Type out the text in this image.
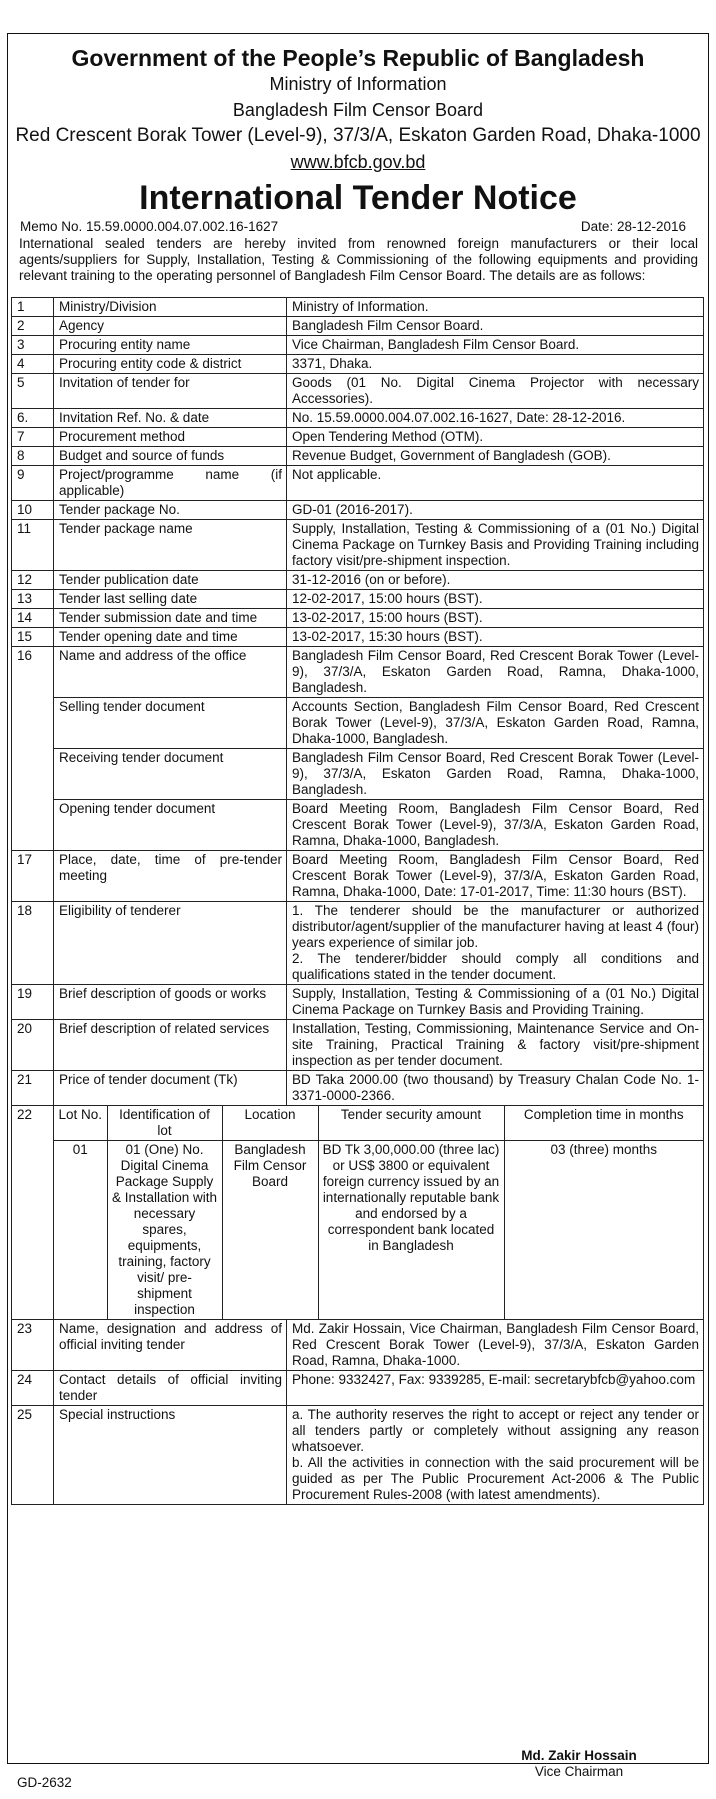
Government of the People’s Republic of Bangladesh
Ministry of Information
Bangladesh Film Censor Board
Red Crescent Borak Tower (Level-9), 37/3/A, Eskaton Garden Road, Dhaka-1000
www.bfcb.gov.bd
International Tender Notice
Memo No. 15.59.0000.004.07.002.16-1627	Date: 28-12-2016
International sealed tenders are hereby invited from renowned foreign manufacturers or their local agents/suppliers for Supply, Installation, Testing & Commissioning of the following equipments and providing relevant training to the operating personnel of Bangladesh Film Censor Board. The details are as follows:
1	Ministry/Division	Ministry of Information.
2	Agency	Bangladesh Film Censor Board.
3	Procuring entity name	Vice Chairman, Bangladesh Film Censor Board.
4	Procuring entity code & district	3371, Dhaka.
5	Invitation of tender for	Goods (01 No. Digital Cinema Projector with necessary Accessories).
6.	Invitation Ref. No. & date	No. 15.59.0000.004.07.002.16-1627, Date: 28-12-2016.
7	Procurement method	Open Tendering Method (OTM).
8	Budget and source of funds	Revenue Budget, Government of Bangladesh (GOB).
9	Project/programme name (if applicable)	Not applicable.
10	Tender package No.	GD-01 (2016-2017).
11	Tender package name	Supply, Installation, Testing & Commissioning of a (01 No.) Digital Cinema Package on Turnkey Basis and Providing Training including factory visit/pre-shipment inspection.
12	Tender publication date	31-12-2016 (on or before).
13	Tender last selling date	12-02-2017, 15:00 hours (BST).
14	Tender submission date and time	13-02-2017, 15:00 hours (BST).
15	Tender opening date and time	13-02-2017, 15:30 hours (BST).
16	Name and address of the office	Bangladesh Film Censor Board, Red Crescent Borak Tower (Level-9), 37/3/A, Eskaton Garden Road, Ramna, Dhaka-1000, Bangladesh.
Selling tender document	Accounts Section, Bangladesh Film Censor Board, Red Crescent Borak Tower (Level-9), 37/3/A, Eskaton Garden Road, Ramna, Dhaka-1000, Bangladesh.
Receiving tender document	Bangladesh Film Censor Board, Red Crescent Borak Tower (Level-9), 37/3/A, Eskaton Garden Road, Ramna, Dhaka-1000, Bangladesh.
Opening tender document	Board Meeting Room, Bangladesh Film Censor Board, Red Crescent Borak Tower (Level-9), 37/3/A, Eskaton Garden Road, Ramna, Dhaka-1000, Bangladesh.
17	Place, date, time of pre-tender meeting	Board Meeting Room, Bangladesh Film Censor Board, Red Crescent Borak Tower (Level-9), 37/3/A, Eskaton Garden Road, Ramna, Dhaka-1000, Date: 17-01-2017, Time: 11:30 hours (BST).
18	Eligibility of tenderer	1. The tenderer should be the manufacturer or authorized distributor/agent/supplier of the manufacturer having at least 4 (four) years experience of similar job.
2. The tenderer/bidder should comply all conditions and qualifications stated in the tender document.

19	Brief description of goods or works	Supply, Installation, Testing & Commissioning of a (01 No.) Digital Cinema Package on Turnkey Basis and Providing Training.
20	Brief description of related services	Installation, Testing, Commissioning, Maintenance Service and On-site Training, Practical Training & factory visit/pre-shipment inspection as per tender document.
21	Price of tender document (Tk)	BD Taka 2000.00 (two thousand) by Treasury Chalan Code No. 1-3371-0000-2366.
22	Lot No.	Identification of lot	Location	Tender security amount	Completion time in months
01	01 (One) No. Digital Cinema Package Supply & Installation with necessary spares, equipments, training, factory visit/ pre-shipment inspection	Bangladesh Film Censor Board	BD Tk 3,00,000.00 (three lac) or US$ 3800 or equivalent foreign currency issued by an internationally reputable bank and endorsed by a correspondent bank located in Bangladesh	03 (three) months

23	Name, designation and address of official inviting tender	Md. Zakir Hossain, Vice Chairman, Bangladesh Film Censor Board, Red Crescent Borak Tower (Level-9), 37/3/A, Eskaton Garden Road, Ramna, Dhaka-1000.
24	Contact details of official inviting tender	Phone: 9332427, Fax: 9339285, E-mail: secretarybfcb@yahoo.com
25	Special instructions	a. The authority reserves the right to accept or reject any tender or all tenders partly or completely without assigning any reason whatsoever.
b. All the activities in connection with the said procurement will be guided as per The Public Procurement Act-2006 & The Public Procurement Rules-2008 (with latest amendments).
Md. Zakir Hossain
Vice Chairman
GD-2632
